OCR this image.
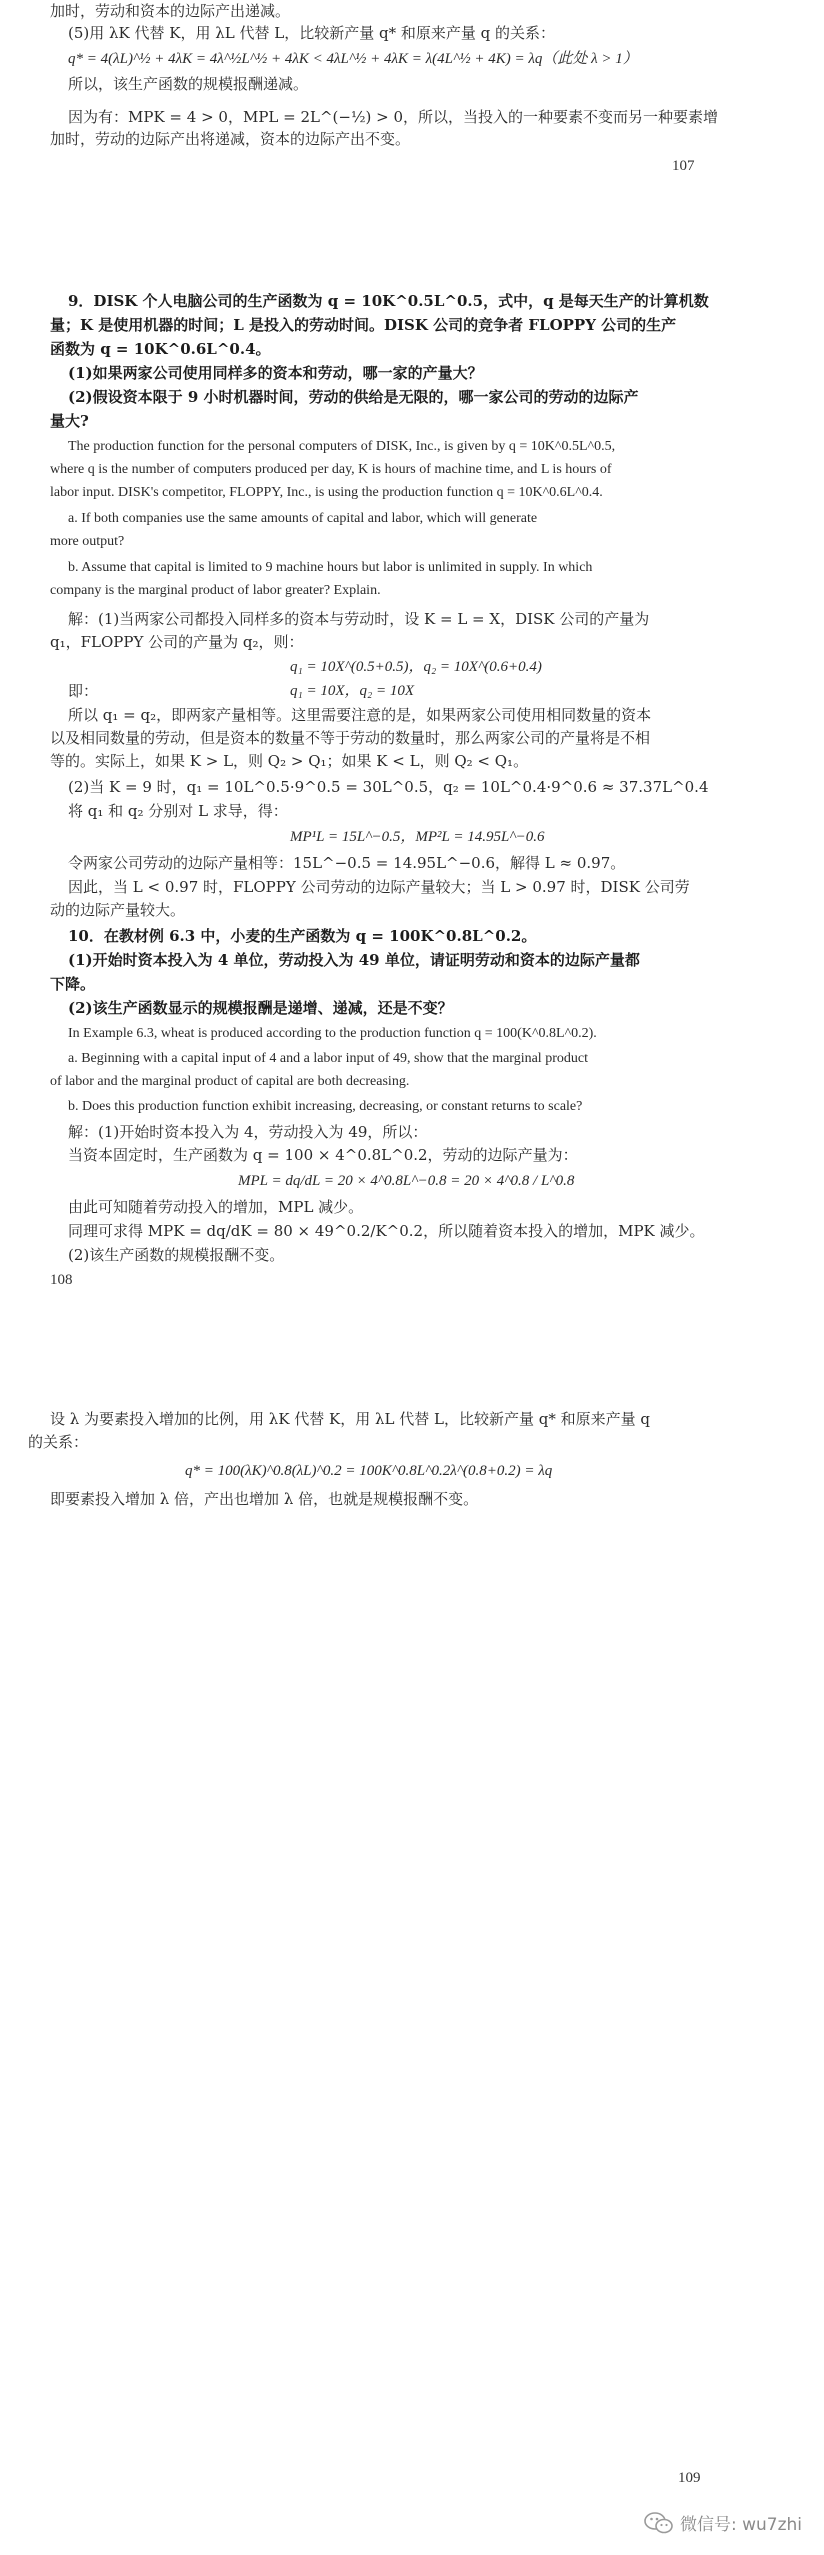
加时，劳动和资本的边际产出递减。
(5)用 λK 代替 K，用 λL 代替 L，比较新产量 q* 和原来产量 q 的关系：
q* = 4(λL)^½ + 4λK = 4λ^½L^½ + 4λK < 4λL^½ + 4λK = λ(4L^½ + 4K) = λq（此处 λ > 1）
所以，该生产函数的规模报酬递减。
因为有：MPK = 4 > 0，MPL = 2L^(−½) > 0，所以，当投入的一种要素不变而另一种要素增
加时，劳动的边际产出将递减，资本的边际产出不变。
107
9．DISK 个人电脑公司的生产函数为 q = 10K^0.5L^0.5，式中，q 是每天生产的计算机数
量；K 是使用机器的时间；L 是投入的劳动时间。DISK 公司的竞争者 FLOPPY 公司的生产
函数为 q = 10K^0.6L^0.4。
(1)如果两家公司使用同样多的资本和劳动，哪一家的产量大？
(2)假设资本限于 9 小时机器时间，劳动的供给是无限的，哪一家公司的劳动的边际产
量大?
The production function for the personal computers of DISK, Inc., is given by q = 10K^0.5L^0.5,
where q is the number of computers produced per day, K is hours of machine time, and L is hours of
labor input. DISK's competitor, FLOPPY, Inc., is using the production function q = 10K^0.6L^0.4.
a. If both companies use the same amounts of capital and labor, which will generate
more output?
b. Assume that capital is limited to 9 machine hours but labor is unlimited in supply. In which
company is the marginal product of labor greater? Explain.
解：(1)当两家公司都投入同样多的资本与劳动时，设 K = L = X，DISK 公司的产量为
q₁，FLOPPY 公司的产量为 q₂，则：
q₁ = 10X^(0.5+0.5)，q₂ = 10X^(0.6+0.4)
即：	q₁ = 10X，q₂ = 10X
所以 q₁ = q₂，即两家产量相等。这里需要注意的是，如果两家公司使用相同数量的资本
以及相同数量的劳动，但是资本的数量不等于劳动的数量时，那么两家公司的产量将是不相
等的。实际上，如果 K > L，则 Q₂ > Q₁；如果 K < L，则 Q₂ < Q₁。
(2)当 K = 9 时，q₁ = 10L^0.5·9^0.5 = 30L^0.5，q₂ = 10L^0.4·9^0.6 ≈ 37.37L^0.4
将 q₁ 和 q₂ 分别对 L 求导，得：
MP¹L = 15L^−0.5，MP²L = 14.95L^−0.6
令两家公司劳动的边际产量相等：15L^−0.5 = 14.95L^−0.6，解得 L ≈ 0.97。
因此，当 L < 0.97 时，FLOPPY 公司劳动的边际产量较大；当 L > 0.97 时，DISK 公司劳
动的边际产量较大。
10．在教材例 6.3 中，小麦的生产函数为 q = 100K^0.8L^0.2。
(1)开始时资本投入为 4 单位，劳动投入为 49 单位，请证明劳动和资本的边际产量都
下降。
(2)该生产函数显示的规模报酬是递增、递减，还是不变？
In Example 6.3, wheat is produced according to the production function q = 100(K^0.8L^0.2).
a. Beginning with a capital input of 4 and a labor input of 49, show that the marginal product
of labor and the marginal product of capital are both decreasing.
b. Does this production function exhibit increasing, decreasing, or constant returns to scale?
解：(1)开始时资本投入为 4，劳动投入为 49，所以：
当资本固定时，生产函数为 q = 100 × 4^0.8L^0.2，劳动的边际产量为：
MPL = dq/dL = 20 × 4^0.8L^−0.8 = 20 × 4^0.8 / L^0.8
由此可知随着劳动投入的增加，MPL 减少。
同理可求得 MPK = dq/dK = 80 × 49^0.2/K^0.2，所以随着资本投入的增加，MPK 减少。
(2)该生产函数的规模报酬不变。
108
设 λ 为要素投入增加的比例，用 λK 代替 K，用 λL 代替 L，比较新产量 q* 和原来产量 q
的关系：
q* = 100(λK)^0.8(λL)^0.2 = 100K^0.8L^0.2λ^(0.8+0.2) = λq
即要素投入增加 λ 倍，产出也增加 λ 倍，也就是规模报酬不变。
109
微信号: wu7zhi
